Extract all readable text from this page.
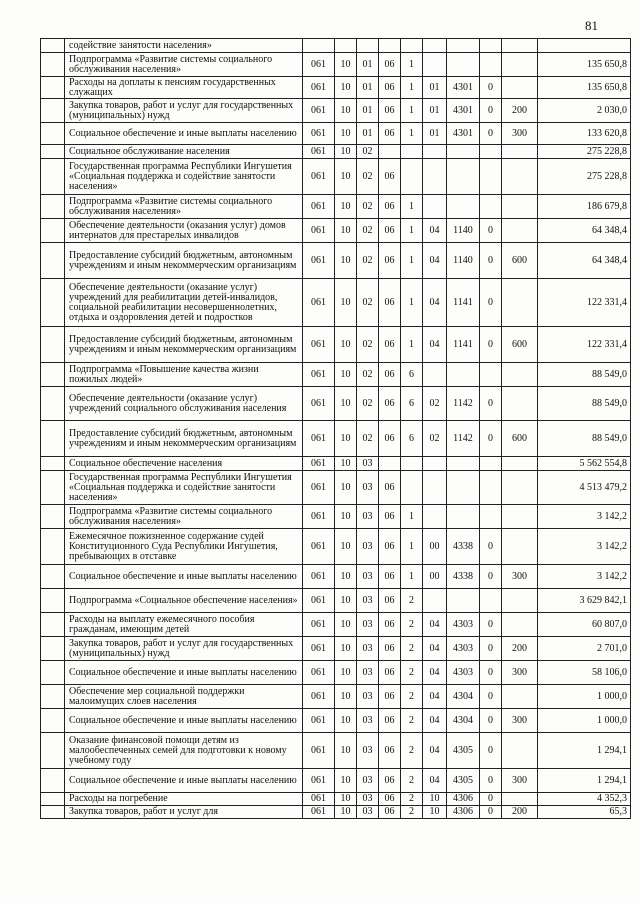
81
	содействие занятости населения»										
	Подпрограмма «Развитие системы социального обслуживания населения»	061	10	01	06	1					135 650,8
	Расходы на доплаты к пенсиям государственных служащих	061	10	01	06	1	01	4301	0		135 650,8
	Закупка товаров, работ и услуг для государственных (муниципальных) нужд	061	10	01	06	1	01	4301	0	200	2 030,0
	Социальное обеспечение и иные выплаты населению	061	10	01	06	1	01	4301	0	300	133 620,8
	Социальное обслуживание населения	061	10	02							275 228,8
	Государственная программа Республики Ингушетия «Социальная поддержка и содействие занятости населения»	061	10	02	06						275 228,8
	Подпрограмма «Развитие системы социального обслуживания населения»	061	10	02	06	1					186 679,8
	Обеспечение деятельности (оказания услуг) домов интернатов для престарелых инвалидов	061	10	02	06	1	04	1140	0		64 348,4
	Предоставление субсидий бюджетным, автономным учреждениям и иным некоммерческим организациям	061	10	02	06	1	04	1140	0	600	64 348,4
	Обеспечение деятельности (оказание услуг) учреждений для реабилитации детей-инвалидов, социальной реабилитации несовершеннолетних, отдыха и оздоровления детей и подростков	061	10	02	06	1	04	1141	0		122 331,4
	Предоставление субсидий бюджетным, автономным учреждениям и иным некоммерческим организациям	061	10	02	06	1	04	1141	0	600	122 331,4
	Подпрограмма «Повышение качества жизни пожилых людей»	061	10	02	06	6					88 549,0
	Обеспечение деятельности (оказание услуг) учреждений социального обслуживания населения	061	10	02	06	6	02	1142	0		88 549,0
	Предоставление субсидий бюджетным, автономным учреждениям и иным некоммерческим организациям	061	10	02	06	6	02	1142	0	600	88 549,0
	Социальное обеспечение населения	061	10	03							5 562 554,8
	Государственная программа Республики Ингушетия «Социальная поддержка и содействие занятости населения»	061	10	03	06						4 513 479,2
	Подпрограмма «Развитие системы социального обслуживания населения»	061	10	03	06	1					3 142,2
	Ежемесячное пожизненное содержание судей Конституционного Суда Республики Ингушетия, пребывающих в отставке	061	10	03	06	1	00	4338	0		3 142,2
	Социальное обеспечение и иные выплаты населению	061	10	03	06	1	00	4338	0	300	3 142,2
	Подпрограмма «Социальное обеспечение населения»	061	10	03	06	2					3 629 842,1
	Расходы на выплату ежемесячного пособия гражданам, имеющим детей	061	10	03	06	2	04	4303	0		60 807,0
	Закупка товаров, работ и услуг для государственных (муниципальных) нужд	061	10	03	06	2	04	4303	0	200	2 701,0
	Социальное обеспечение и иные выплаты населению	061	10	03	06	2	04	4303	0	300	58 106,0
	Обеспечение мер социальной поддержки малоимущих слоев населения	061	10	03	06	2	04	4304	0		1 000,0
	Социальное обеспечение и иные выплаты населению	061	10	03	06	2	04	4304	0	300	1 000,0
	Оказание финансовой помощи детям из малообеспеченных семей для подготовки к новому учебному году	061	10	03	06	2	04	4305	0		1 294,1
	Социальное обеспечение и иные выплаты населению	061	10	03	06	2	04	4305	0	300	1 294,1
	Расходы на погребение	061	10	03	06	2	10	4306	0		4 352,3
	Закупка товаров, работ и услуг для	061	10	03	06	2	10	4306	0	200	65,3
